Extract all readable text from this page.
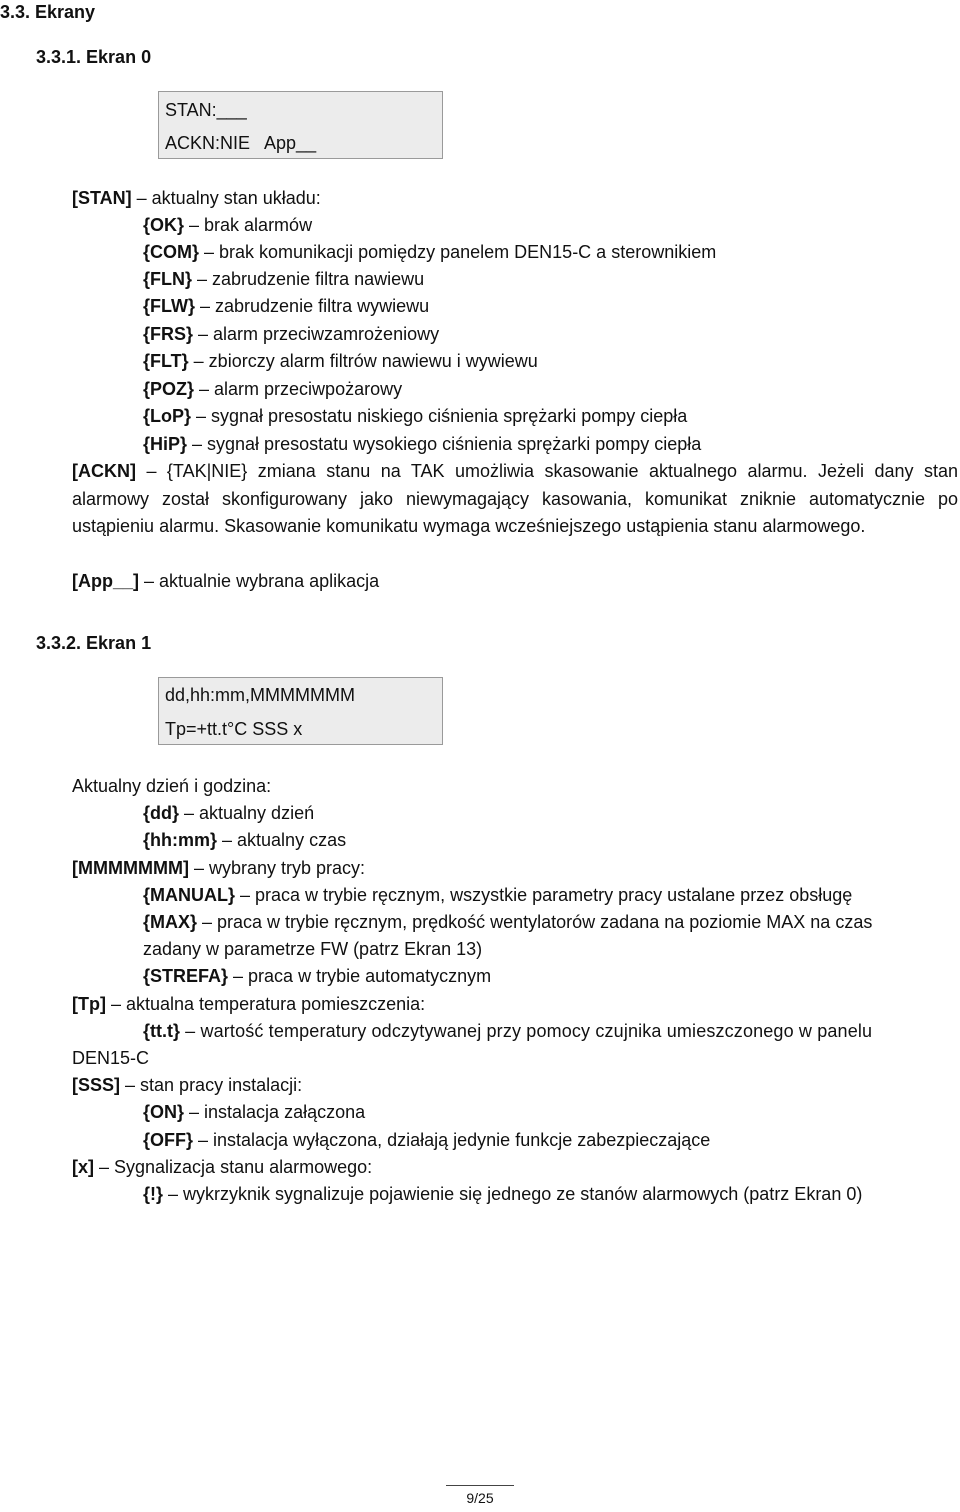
3.3. Ekrany
3.3.1. Ekran 0
STAN:___
ACKN:NIE   App__
[STAN] – aktualny stan układu:
{OK} – brak alarmów
{COM} – brak komunikacji pomiędzy panelem DEN15-C a sterownikiem
{FLN} – zabrudzenie filtra nawiewu
{FLW} – zabrudzenie filtra wywiewu
{FRS} – alarm przeciwzamrożeniowy
{FLT} – zbiorczy alarm filtrów nawiewu i wywiewu
{POZ} – alarm przeciwpożarowy
{LoP} – sygnał presostatu niskiego ciśnienia sprężarki pompy ciepła
{HiP} – sygnał presostatu wysokiego ciśnienia sprężarki pompy ciepła
[ACKN] – {TAK|NIE} zmiana stanu na TAK umożliwia skasowanie aktualnego alarmu. Jeżeli dany stan alarmowy został skonfigurowany jako niewymagający kasowania, komunikat zniknie automatycznie po ustąpieniu alarmu. Skasowanie komunikatu wymaga wcześniejszego ustąpienia stanu alarmowego.
[App__] – aktualnie wybrana aplikacja
3.3.2. Ekran 1
dd,hh:mm,MMMMMMM
Tp=+tt.t°C SSS x
Aktualny dzień i godzina:
{dd} – aktualny dzień
{hh:mm} – aktualny czas
[MMMMMMM] – wybrany tryb pracy:
{MANUAL} – praca w trybie ręcznym, wszystkie parametry pracy ustalane przez obsługę
{MAX} – praca w trybie ręcznym, prędkość wentylatorów zadana na poziomie MAX na czas
zadany w parametrze FW (patrz Ekran 13)
{STREFA} – praca w trybie automatycznym
[Tp] – aktualna temperatura pomieszczenia:
{tt.t} – wartość temperatury odczytywanej przy pomocy czujnika umieszczonego w panelu
DEN15-C
[SSS] – stan pracy instalacji:
{ON} – instalacja załączona
{OFF} – instalacja wyłączona, działają jedynie funkcje zabezpieczające
[x] – Sygnalizacja stanu alarmowego:
{!} – wykrzyknik sygnalizuje pojawienie się jednego ze stanów alarmowych (patrz Ekran 0)
9/25
